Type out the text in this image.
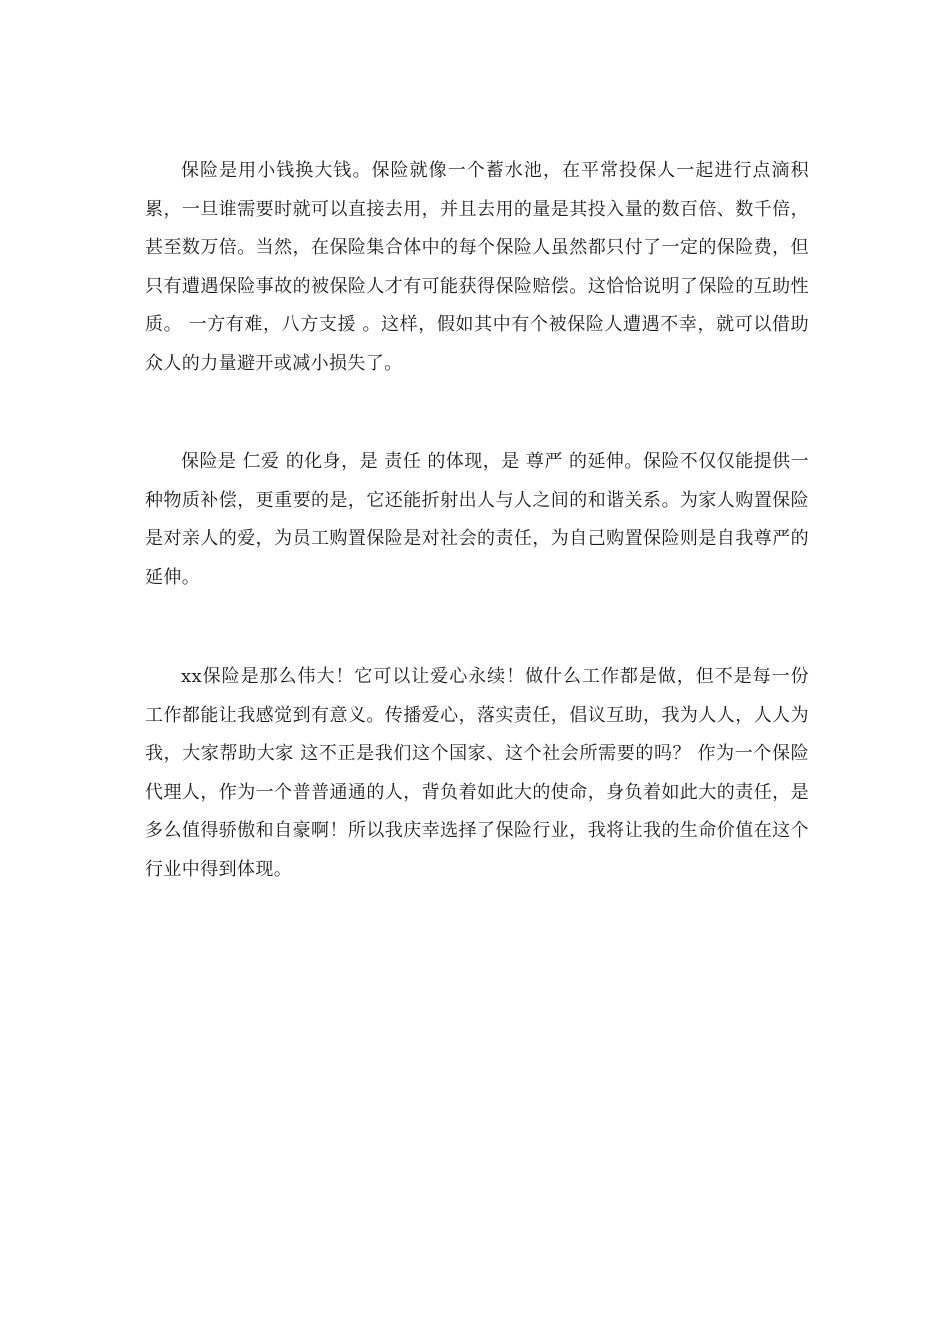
保险是用小钱换大钱。保险就像一个蓄水池，在平常投保人一起进行点滴积累，一旦谁需要时就可以直接去用，并且去用的量是其投入量的数百倍、数千倍，甚至数万倍。当然，在保险集合体中的每个保险人虽然都只付了一定的保险费，但只有遭遇保险事故的被保险人才有可能获得保险赔偿。这恰恰说明了保险的互助性质。 一方有难，八方支援 。这样，假如其中有个被保险人遭遇不幸，就可以借助众人的力量避开或减小损失了。

保险是 仁爱 的化身，是 责任 的体现，是 尊严 的延伸。保险不仅仅能提供一种物质补偿，更重要的是，它还能折射出人与人之间的和谐关系。为家人购置保险是对亲人的爱，为员工购置保险是对社会的责任，为自己购置保险则是自我尊严的延伸。

xx保险是那么伟大！它可以让爱心永续！做什么工作都是做，但不是每一份工作都能让我感觉到有意义。传播爱心，落实责任，倡议互助，我为人人，人人为我，大家帮助大家 这不正是我们这个国家、这个社会所需要的吗？ 作为一个保险代理人，作为一个普普通通的人，背负着如此大的使命，身负着如此大的责任，是多么值得骄傲和自豪啊！所以我庆幸选择了保险行业，我将让我的生命价值在这个行业中得到体现。
